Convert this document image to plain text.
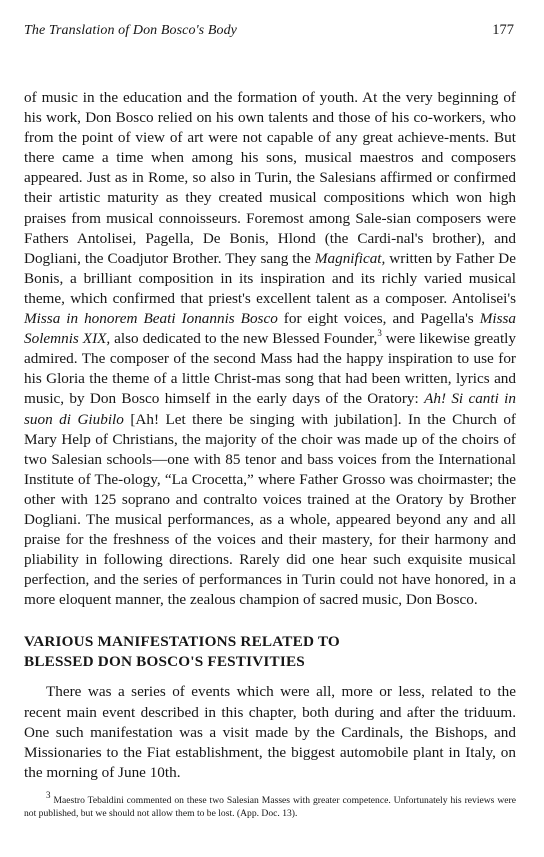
The Translation of Don Bosco's Body	177

of music in the education and the formation of youth. At the very beginning of his work, Don Bosco relied on his own talents and those of his co-workers, who from the point of view of art were not capable of any great achieve-ments. But there came a time when among his sons, musical maestros and composers appeared. Just as in Rome, so also in Turin, the Salesians affirmed or confirmed their artistic maturity as they created musical compositions which won high praises from musical connoisseurs. Foremost among Sale-sian composers were Fathers Antolisei, Pagella, De Bonis, Hlond (the Cardi-nal's brother), and Dogliani, the Coadjutor Brother. They sang the Magnificat, written by Father De Bonis, a brilliant composition in its inspiration and its richly varied musical theme, which confirmed that priest's excellent talent as a composer. Antolisei's Missa in honorem Beati Ionannis Bosco for eight voices, and Pagella's Missa Solemnis XIX, also dedicated to the new Blessed Founder,$^3$ were likewise greatly admired. The composer of the second Mass had the happy inspiration to use for his Gloria the theme of a little Christ-mas song that had been written, lyrics and music, by Don Bosco himself in the early days of the Oratory: Ah! Si canti in suon di Giubilo [Ah! Let there be singing with jubilation]. In the Church of Mary Help of Christians, the majority of the choir was made up of the choirs of two Salesian schools—one with 85 tenor and bass voices from the International Institute of The-ology, “La Crocetta,” where Father Grosso was choirmaster; the other with 125 soprano and contralto voices trained at the Oratory by Brother Dogliani. The musical performances, as a whole, appeared beyond any and all praise for the freshness of the voices and their mastery, for their harmony and pliability in following directions. Rarely did one hear such exquisite musical perfection, and the series of performances in Turin could not have honored, in a more eloquent manner, the zealous champion of sacred music, Don Bosco.

VARIOUS MANIFESTATIONS RELATED TO
BLESSED DON BOSCO'S FESTIVITIES

There was a series of events which were all, more or less, related to the recent main event described in this chapter, both during and after the triduum. One such manifestation was a visit made by the Cardinals, the Bishops, and Missionaries to the Fiat establishment, the biggest automobile plant in Italy, on the morning of June 10th.

$^3$ Maestro Tebaldini commented on these two Salesian Masses with greater competence. Unfortunately his reviews were not published, but we should not allow them to be lost. (App. Doc. 13).
